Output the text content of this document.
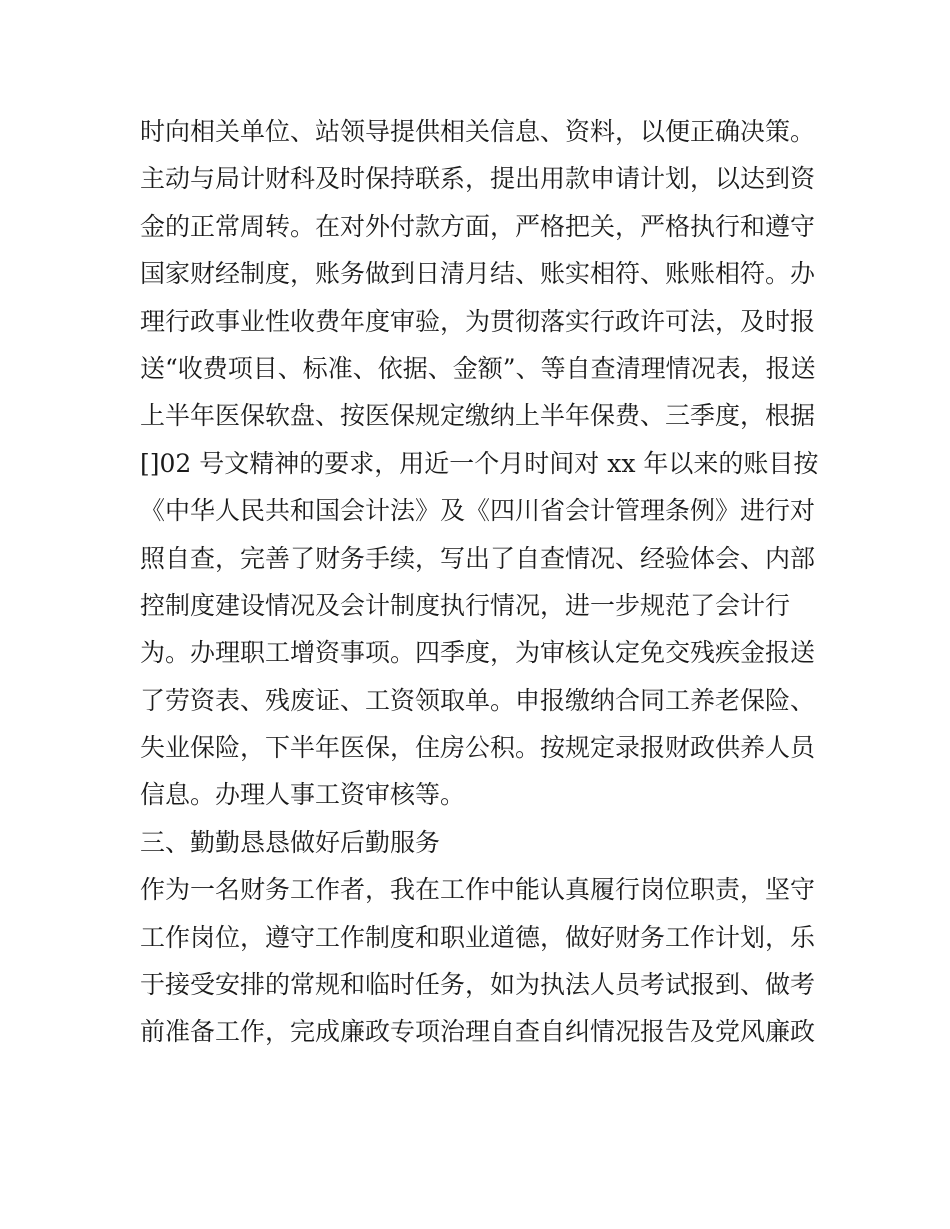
时向相关单位、站领导提供相关信息、资料，以便正确决策。
主动与局计财科及时保持联系，提出用款申请计划，以达到资
金的正常周转。在对外付款方面，严格把关，严格执行和遵守
国家财经制度，账务做到日清月结、账实相符、账账相符。办
理行政事业性收费年度审验，为贯彻落实行政许可法，及时报
送“收费项目、标准、依据、金额”、等自查清理情况表，报送
上半年医保软盘、按医保规定缴纳上半年保费、三季度，根据
[]02 号文精神的要求，用近一个月时间对 xx 年以来的账目按
《中华人民共和国会计法》及《四川省会计管理条例》进行对
照自查，完善了财务手续，写出了自查情况、经验体会、内部
控制度建设情况及会计制度执行情况，进一步规范了会计行
为。办理职工增资事项。四季度，为审核认定免交残疾金报送
了劳资表、残废证、工资领取单。申报缴纳合同工养老保险、
失业保险，下半年医保，住房公积。按规定录报财政供养人员
信息。办理人事工资审核等。
三、勤勤恳恳做好后勤服务
作为一名财务工作者，我在工作中能认真履行岗位职责，坚守
工作岗位，遵守工作制度和职业道德，做好财务工作计划，乐
于接受安排的常规和临时任务，如为执法人员考试报到、做考
前准备工作，完成廉政专项治理自查自纠情况报告及党风廉政
